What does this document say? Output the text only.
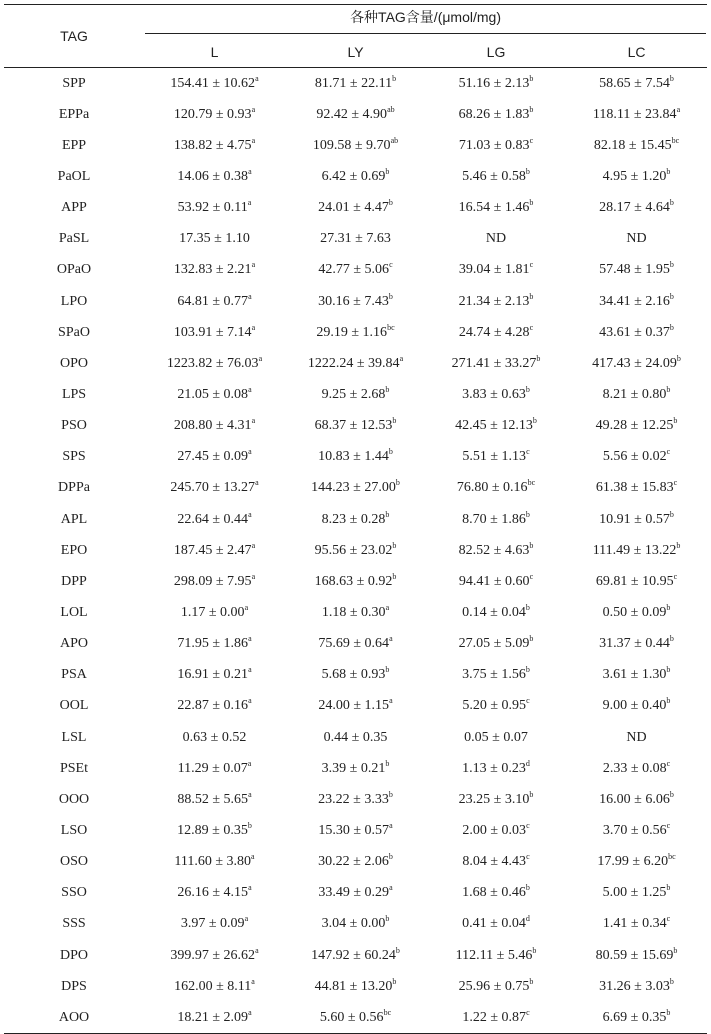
TAG	各种TAG含量/(μmol/mg)			

	L	LY	LG	LC
SPP	154.41 ± 10.62$^a$	81.71 ± 22.11$^b$	51.16 ± 2.13$^b$	58.65 ± 7.54$^b$
EPPa	120.79 ± 0.93$^a$	92.42 ± 4.90$^{ab}$	68.26 ± 1.83$^b$	118.11 ± 23.84$^a$
EPP	138.82 ± 4.75$^a$	109.58 ± 9.70$^{ab}$	71.03 ± 0.83$^c$	82.18 ± 15.45$^{bc}$
PaOL	14.06 ± 0.38$^a$	6.42 ± 0.69$^b$	5.46 ± 0.58$^b$	4.95 ± 1.20$^b$
APP	53.92 ± 0.11$^a$	24.01 ± 4.47$^b$	16.54 ± 1.46$^b$	28.17 ± 4.64$^b$
PaSL	17.35 ± 1.10	27.31 ± 7.63	ND	ND
OPaO	132.83 ± 2.21$^a$	42.77 ± 5.06$^c$	39.04 ± 1.81$^c$	57.48 ± 1.95$^b$
LPO	64.81 ± 0.77$^a$	30.16 ± 7.43$^b$	21.34 ± 2.13$^b$	34.41 ± 2.16$^b$
SPaO	103.91 ± 7.14$^a$	29.19 ± 1.16$^{bc}$	24.74 ± 4.28$^c$	43.61 ± 0.37$^b$
OPO	1223.82 ± 76.03$^a$	1222.24 ± 39.84$^a$	271.41 ± 33.27$^b$	417.43 ± 24.09$^b$
LPS	21.05 ± 0.08$^a$	9.25 ± 2.68$^b$	3.83 ± 0.63$^b$	8.21 ± 0.80$^b$
PSO	208.80 ± 4.31$^a$	68.37 ± 12.53$^b$	42.45 ± 12.13$^b$	49.28 ± 12.25$^b$
SPS	27.45 ± 0.09$^a$	10.83 ± 1.44$^b$	5.51 ± 1.13$^c$	5.56 ± 0.02$^c$
DPPa	245.70 ± 13.27$^a$	144.23 ± 27.00$^b$	76.80 ± 0.16$^{bc}$	61.38 ± 15.83$^c$
APL	22.64 ± 0.44$^a$	8.23 ± 0.28$^b$	8.70 ± 1.86$^b$	10.91 ± 0.57$^b$
EPO	187.45 ± 2.47$^a$	95.56 ± 23.02$^b$	82.52 ± 4.63$^b$	111.49 ± 13.22$^b$
DPP	298.09 ± 7.95$^a$	168.63 ± 0.92$^b$	94.41 ± 0.60$^c$	69.81 ± 10.95$^c$
LOL	1.17 ± 0.00$^a$	1.18 ± 0.30$^a$	0.14 ± 0.04$^b$	0.50 ± 0.09$^b$
APO	71.95 ± 1.86$^a$	75.69 ± 0.64$^a$	27.05 ± 5.09$^b$	31.37 ± 0.44$^b$
PSA	16.91 ± 0.21$^a$	5.68 ± 0.93$^b$	3.75 ± 1.56$^b$	3.61 ± 1.30$^b$
OOL	22.87 ± 0.16$^a$	24.00 ± 1.15$^a$	5.20 ± 0.95$^c$	9.00 ± 0.40$^b$
LSL	0.63 ± 0.52	0.44 ± 0.35	0.05 ± 0.07	ND
PSEt	11.29 ± 0.07$^a$	3.39 ± 0.21$^b$	1.13 ± 0.23$^d$	2.33 ± 0.08$^c$
OOO	88.52 ± 5.65$^a$	23.22 ± 3.33$^b$	23.25 ± 3.10$^b$	16.00 ± 6.06$^b$
LSO	12.89 ± 0.35$^b$	15.30 ± 0.57$^a$	2.00 ± 0.03$^c$	3.70 ± 0.56$^c$
OSO	111.60 ± 3.80$^a$	30.22 ± 2.06$^b$	8.04 ± 4.43$^c$	17.99 ± 6.20$^{bc}$
SSO	26.16 ± 4.15$^a$	33.49 ± 0.29$^a$	1.68 ± 0.46$^b$	5.00 ± 1.25$^b$
SSS	3.97 ± 0.09$^a$	3.04 ± 0.00$^b$	0.41 ± 0.04$^d$	1.41 ± 0.34$^c$
DPO	399.97 ± 26.62$^a$	147.92 ± 60.24$^b$	112.11 ± 5.46$^b$	80.59 ± 15.69$^b$
DPS	162.00 ± 8.11$^a$	44.81 ± 13.20$^b$	25.96 ± 0.75$^b$	31.26 ± 3.03$^b$
AOO	18.21 ± 2.09$^a$	5.60 ± 0.56$^{bc}$	1.22 ± 0.87$^c$	6.69 ± 0.35$^b$
